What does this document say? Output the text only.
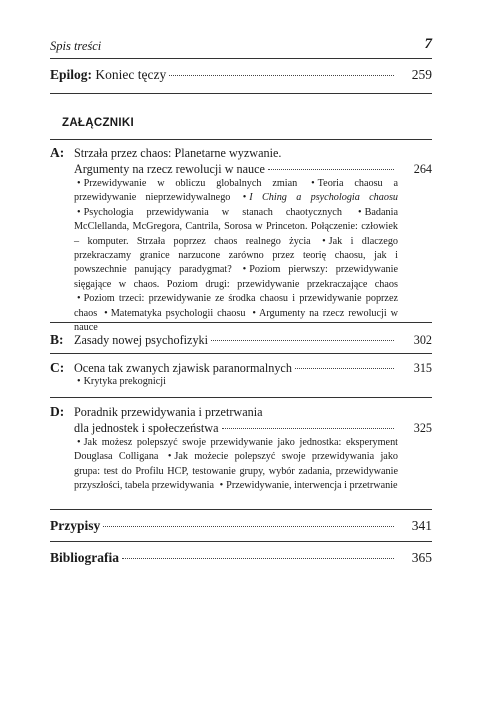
Spis treści	7
Epilog: Koniec tęczy	259
ZAŁĄCZNIKI
A: Strzała przez chaos: Planetarne wyzwanie.
Argumenty na rzecz rewolucji w nauce	264
• Przewidywanie w obliczu globalnych zmian • Teoria chaosu a przewidywanie nieprzewidywalnego • I Ching a psychologia chaosu • Psychologia przewidywania w stanach chaotycznych • Badania McClellanda, McGregora, Cantrila, Sorosa w Princeton. Połączenie: człowiek – komputer. Strzała poprzez chaos realnego życia • Jak i dlaczego przekraczamy granice narzucone zarówno przez teorię chaosu, jak i powszechnie panujący paradygmat? • Poziom pierwszy: przewidywanie sięgające w chaos. Poziom drugi: przewidywanie przekraczające chaos • Poziom trzeci: przewidywanie ze środka chaosu i przewidywanie poprzez chaos • Matematyka psychologii chaosu • Argumenty na rzecz rewolucji w nauce
B: Zasady nowej psychofizyki	302
C: Ocena tak zwanych zjawisk paranormalnych	315
• Krytyka prekognicji
D: Poradnik przewidywania i przetrwania
dla jednostek i społeczeństwa	325
• Jak możesz polepszyć swoje przewidywanie jako jednostka: eksperyment Douglasa Colligana • Jak możecie polepszyć swoje przewidywania jako grupa: test do Profilu HCP, testowanie grupy, wybór zadania, przewidywanie przyszłości, tabela przewidywania • Przewidywanie, interwencja i przetrwanie
Przypisy	341
Bibliografia	365
